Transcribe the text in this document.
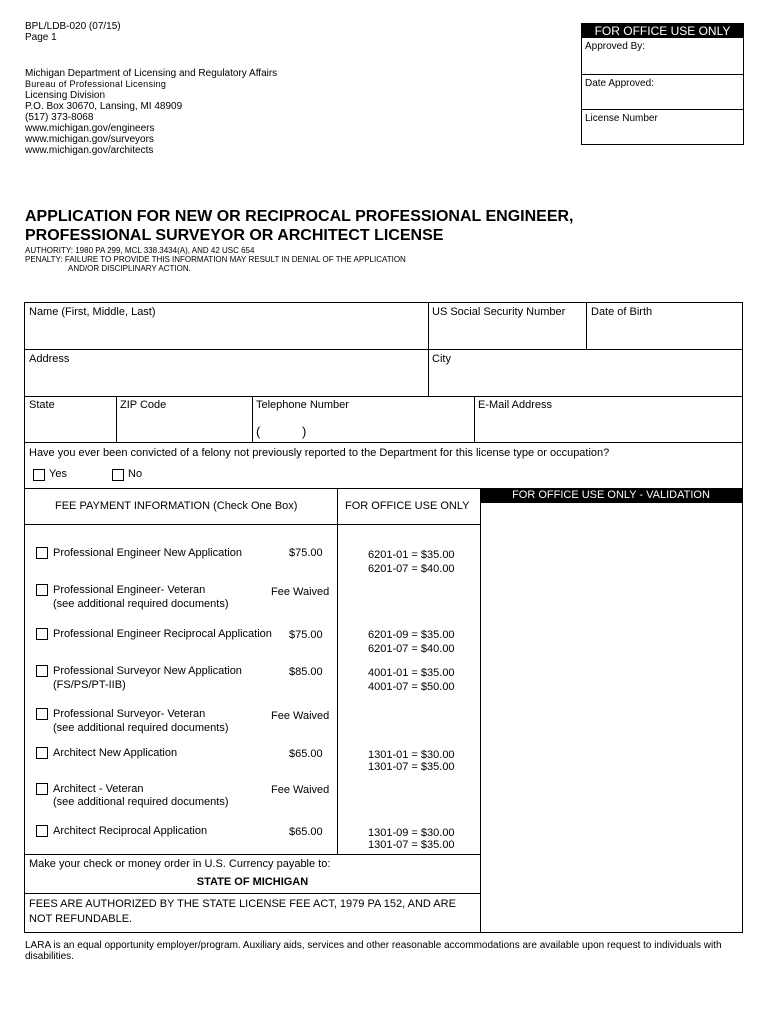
BPL/LDB-020 (07/15)
Page 1
Michigan Department of Licensing and Regulatory Affairs
Bureau of Professional Licensing
Licensing Division
P.O. Box 30670, Lansing, MI 48909
(517) 373-8068
www.michigan.gov/engineers
www.michigan.gov/surveyors
www.michigan.gov/architects
FOR OFFICE USE ONLY
Approved By:
Date Approved:
License Number
APPLICATION FOR NEW OR RECIPROCAL PROFESSIONAL ENGINEER,
PROFESSIONAL SURVEYOR OR ARCHITECT LICENSE
AUTHORITY: 1980 PA 299, MCL 338.3434(A), AND 42 USC 654
PENALTY: FAILURE TO PROVIDE THIS INFORMATION MAY RESULT IN DENIAL OF THE APPLICATION
AND/OR DISCIPLINARY ACTION.
Name (First, Middle, Last)	US Social Security Number Date of Birth
Address	City
State	ZIP Code	Telephone Number
(	)
E-Mail Address
Have you ever been convicted of a felony not previously reported to the Department for this license type or occupation?
Yes	No
FEE PAYMENT INFORMATION (Check One Box)	FOR OFFICE USE ONLY
Professional Engineer New Application	$75.00	6201-01 = $35.00
6201-07 = $40.00
Professional Engineer- Veteran
(see additional required documents)
Fee Waived
Professional Engineer Reciprocal Application $75.00	6201-09 = $35.00
6201-07 = $40.00
Professional Surveyor New Application
(FS/PS/PT-IIB)
$85.00	4001-01 = $35.00
4001-07 = $50.00
Professional Surveyor- Veteran
(see additional required documents)
Fee Waived
Architect New Application	$65.00	1301-01 = $30.00
1301-07 = $35.00
Architect - Veteran
(see additional required documents)
Fee Waived
Architect Reciprocal Application	$65.00	1301-09 = $30.00
1301-07 = $35.00
Make your check or money order in U.S. Currency payable to:
STATE OF MICHIGAN
FEES ARE AUTHORIZED BY THE STATE LICENSE FEE ACT, 1979 PA 152, AND ARE
NOT REFUNDABLE.
FOR OFFICE USE ONLY - VALIDATION
LARA is an equal opportunity employer/program. Auxiliary aids, services and other reasonable accommodations are available upon request to individuals with
disabilities.
